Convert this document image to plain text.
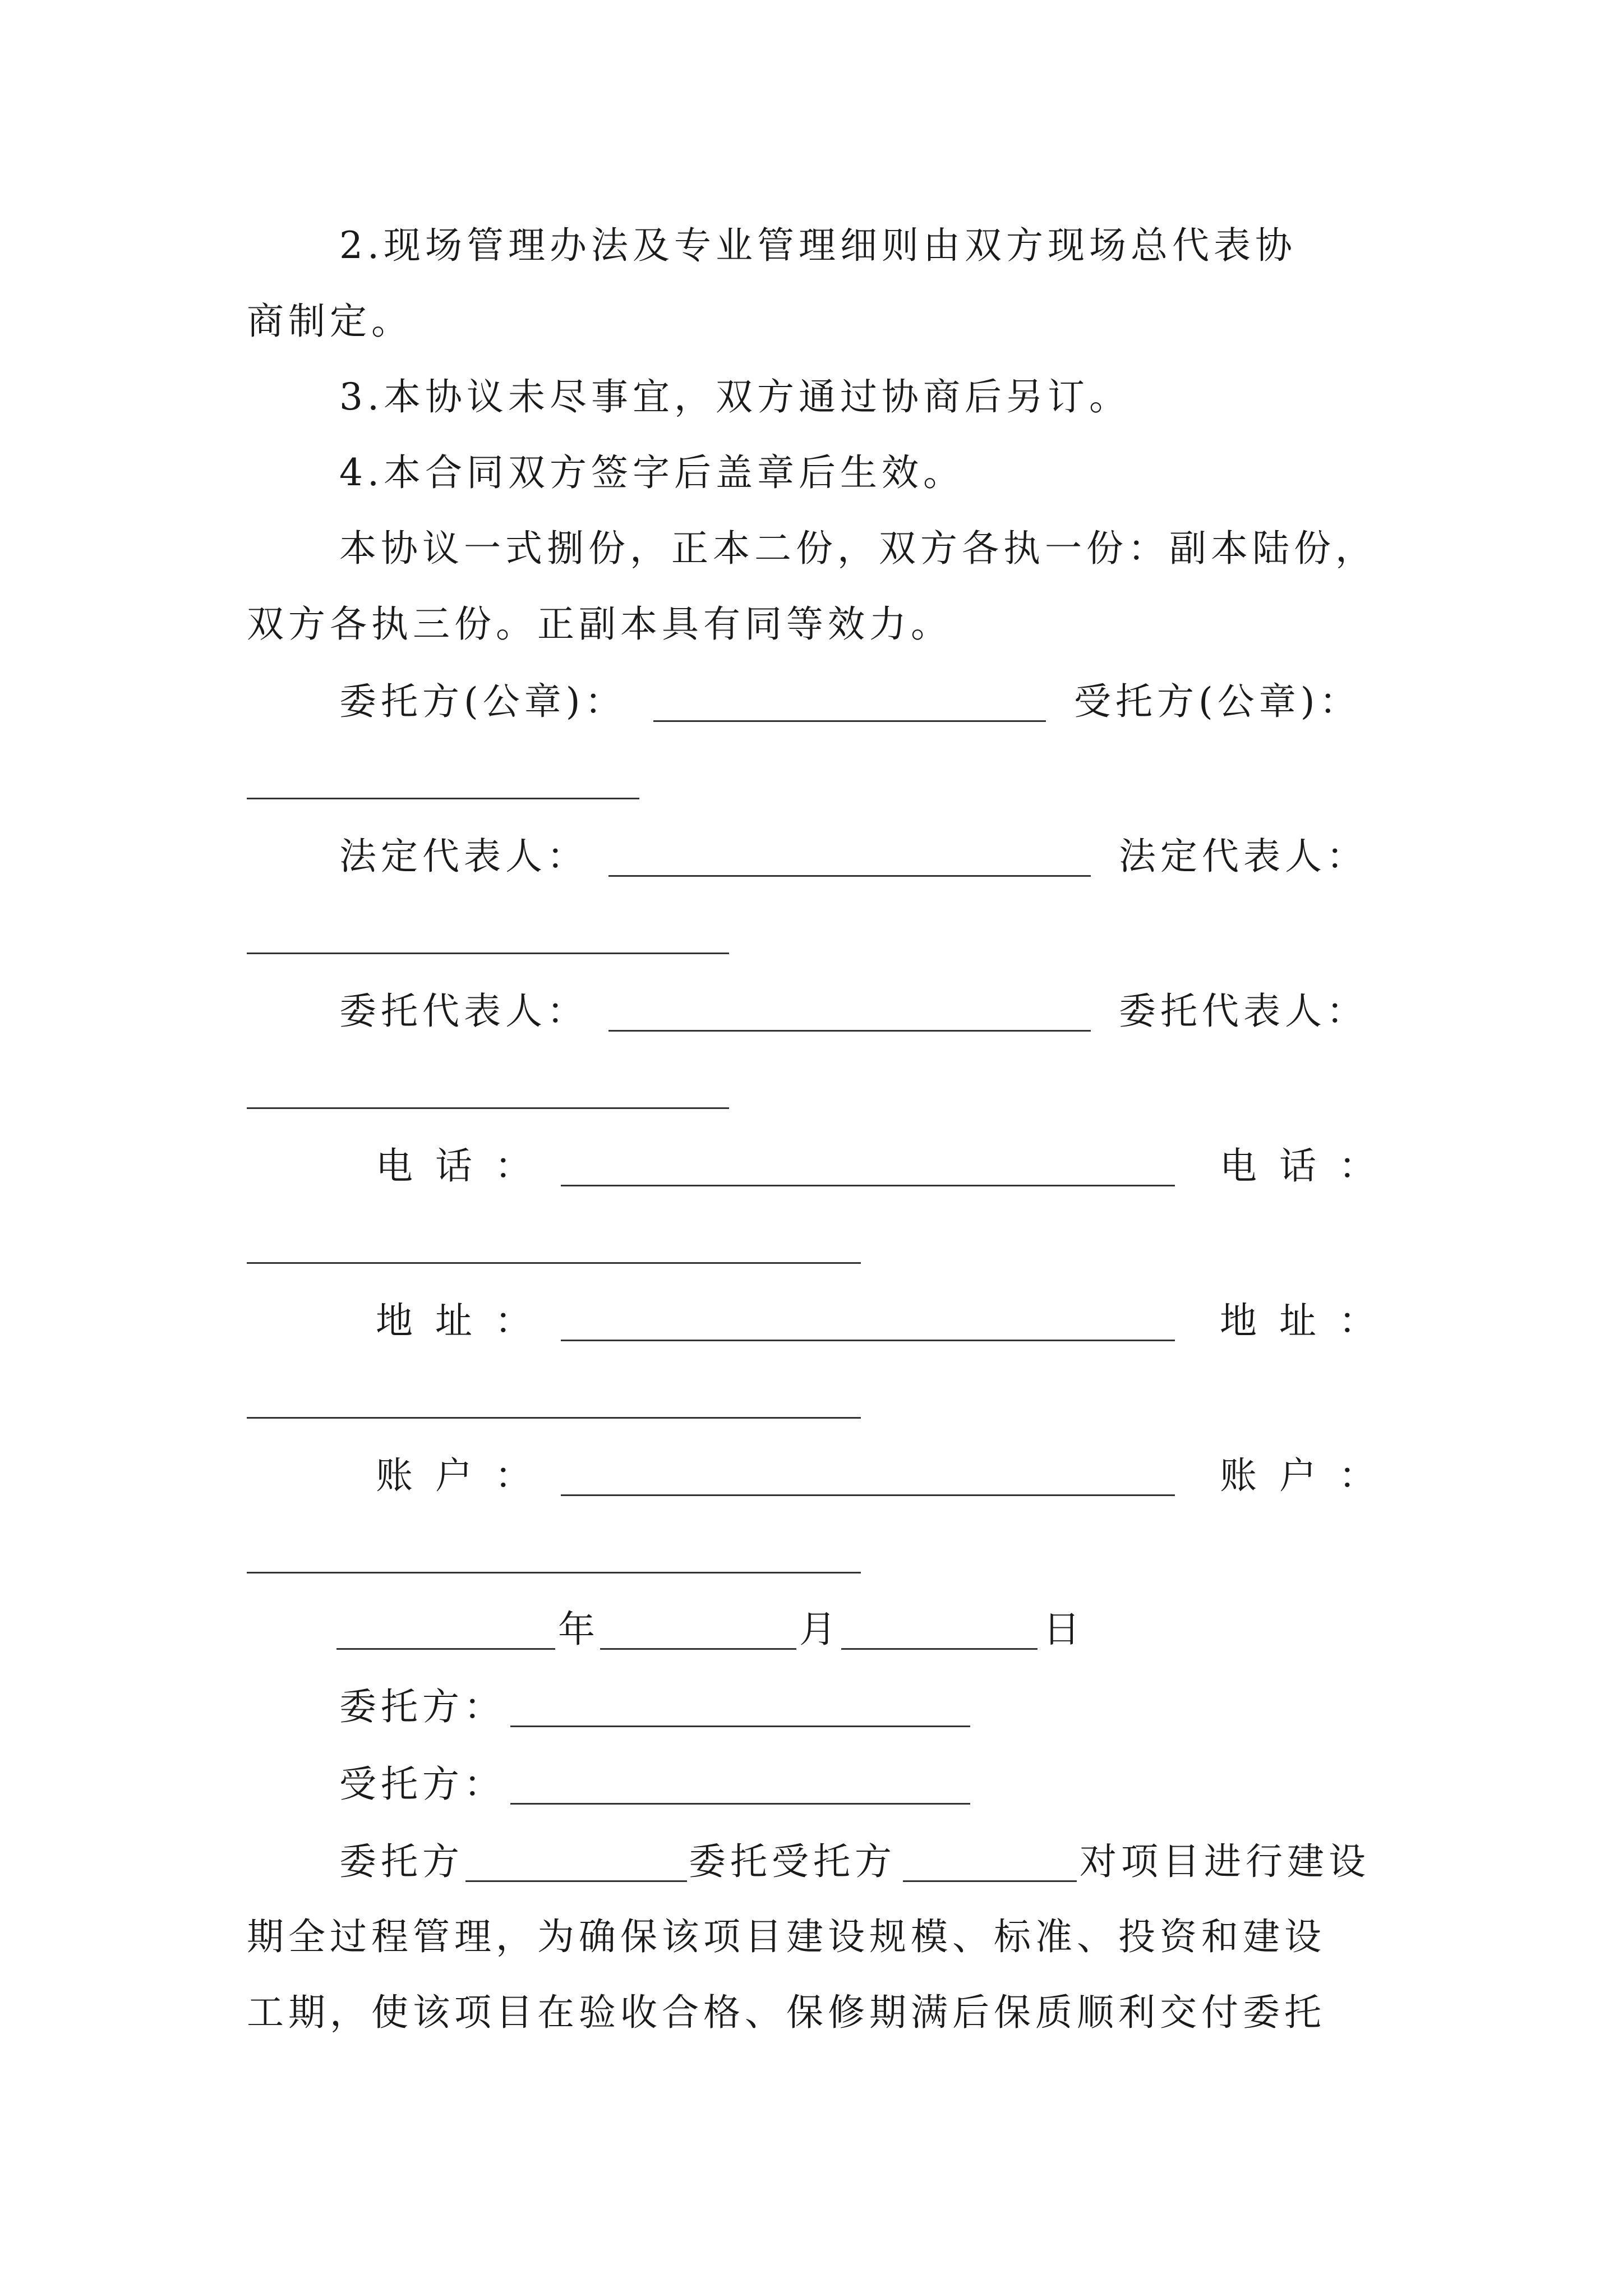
2.现场管理办法及专业管理细则由双方现场总代表协
商制定。
3.本协议未尽事宜，双方通过协商后另订。
4.本合同双方签字后盖章后生效。
本协议一式捌份，正本二份，双方各执一份：副本陆份，
双方各执三份。正副本具有同等效力。
委托方(公章)：	受托方(公章)：
法定代表人：	法定代表人：
委托代表人：	委托代表人：
电话：	电话：
地址：	地址：
账户：	账户：
年	月	日
委托方：
受托方：
委托方	委托受托方	对项目进行建设
期全过程管理，为确保该项目建设规模、标准、投资和建设
工期，使该项目在验收合格、保修期满后保质顺利交付委托
